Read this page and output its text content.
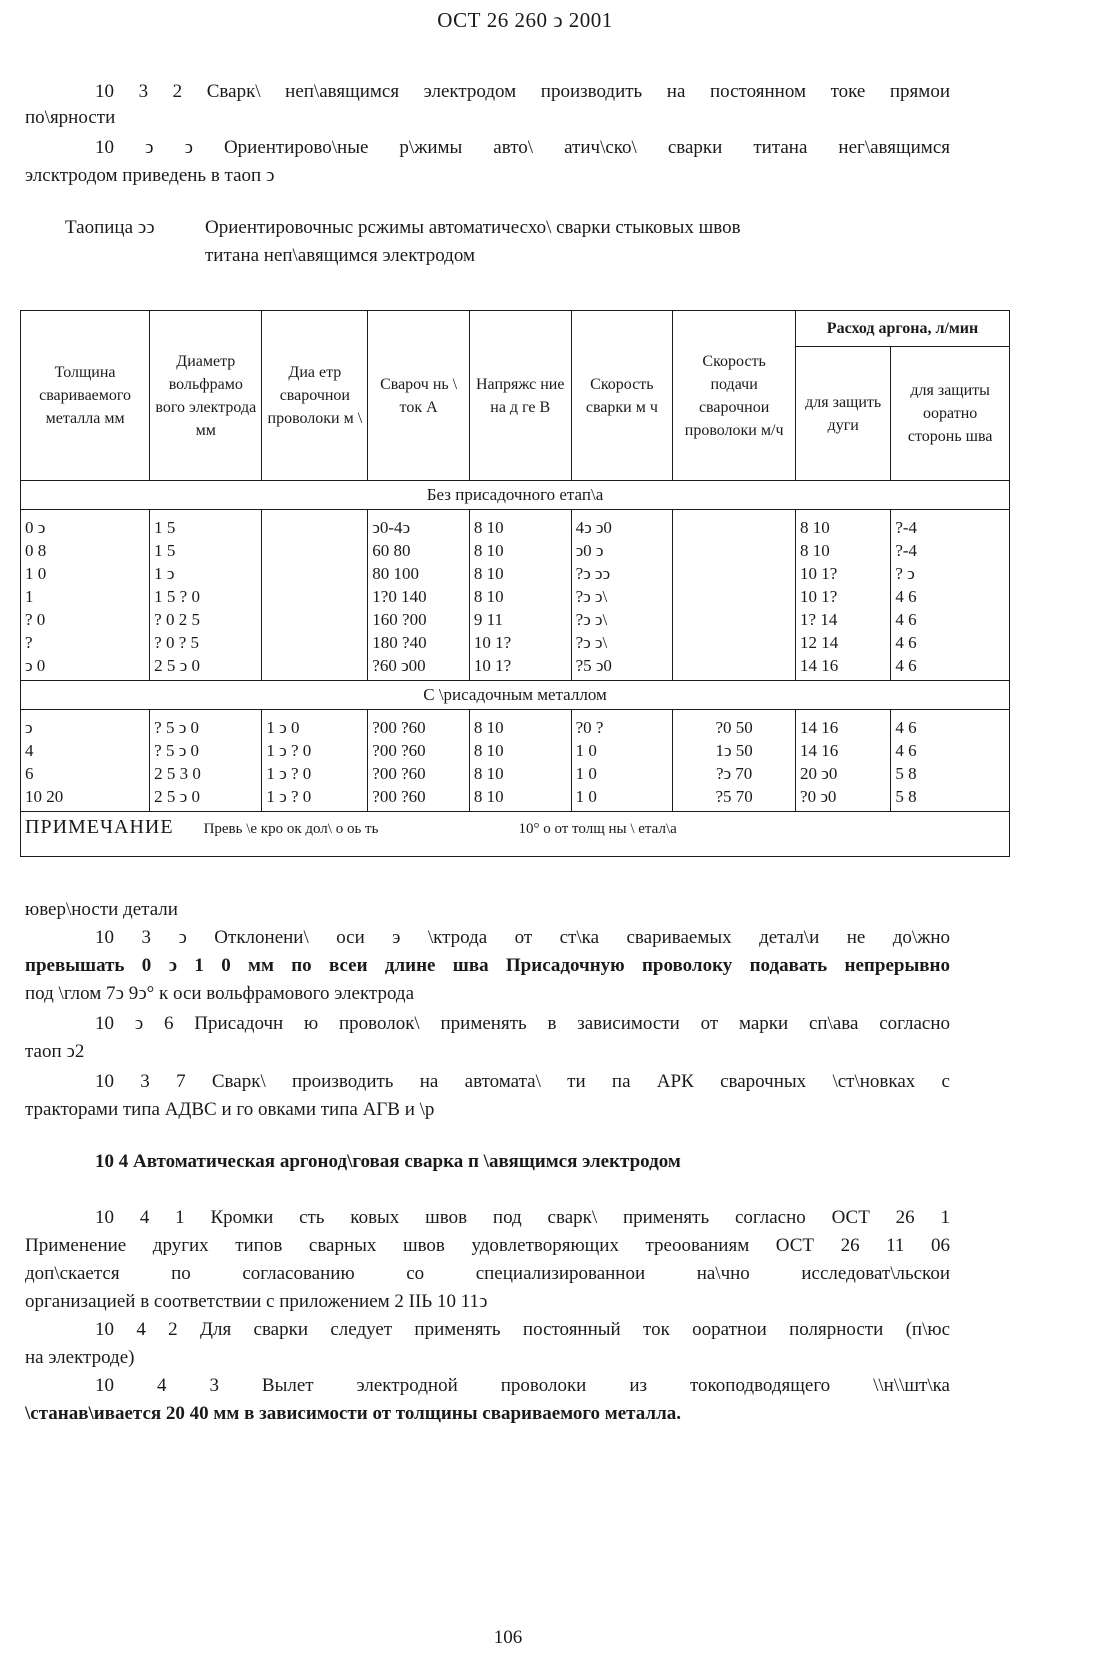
ОСТ 26 260 ͻ 2001
10 3 2 Сварк\ неп\авящимся электродом производить на постоянном токе прямои
по\ярности
10 ͻ ͻ Ориентирово\ные р\жимы авто\ атич\ско\ сварки титана нег\авящимся
элсктродом приведень в таоп ͻ
Таопица ͻͻ	Ориентировочныс рсжимы автоматичесхо\ сварки стыковых швов
титана неп\авящимся электродом
Толщина свариваемого металла мм	Диаметр вольфрамо вого электрода мм	Диа етр сварочнои проволоки м \	Свароч нь \ ток А	Напряжс ние на д ге В	Скорость сварки м ч	Скорость подачи сварочнои проволоки м/ч	Расход аргона, л/мин	
							для защить дуги	для защиты ооратно сторонь шва
Без присадочного етап\а								
0 ͻ	1 5		ͻ0-4ͻ	8 10	4ͻ ͻ0		8 10	?-4
0 8	1 5		60 80	8 10	ͻ0 ͻ		8 10	?-4
1 0	1 ͻ		80 100	8 10	?ͻ ͻͻ		10 1?	? ͻ
1	1 5 ? 0		1?0 140	8 10	?ͻ ͻ\		10 1?	4 6
? 0	? 0 2 5		160 ?00	9 11	?ͻ ͻ\		1? 14	4 6
?	? 0 ? 5		180 ?40	10 1?	?ͻ ͻ\		12 14	4 6
ͻ 0	2 5 ͻ 0		?60 ͻ00	10 1?	?5 ͻ0		14 16	4 6
С \рисадочным металлом								
ͻ	? 5 ͻ 0	1 ͻ 0	?00 ?60	8 10	?0 ?	?0 50	14 16	4 6
4	? 5 ͻ 0	1 ͻ ? 0	?00 ?60	8 10	1 0	1ͻ 50	14 16	4 6
6	2 5 3 0	1 ͻ ? 0	?00 ?60	8 10	1 0	?ͻ 70	20 ͻ0	5 8
10 20	2 5 ͻ 0	1 ͻ ? 0	?00 ?60	8 10	1 0	?5 70	?0 ͻ0	5 8
ПРИМЕЧАНИЕ Превь \е кро ок дол\ о оь ть 10° о от толщ ны \ етал\а								
ювер\ности детали
10 3 ͻ Отклонени\ оси э \ктрода от ст\ка свариваемых детал\и не до\жно
превышать 0 ͻ 1 0 мм по всеи длине шва Присадочную проволоку подавать непрерывно
под \глом 7ͻ 9ͻ° к оси вольфрамового электрода
10 ͻ 6 Присадочн ю проволок\ применять в зависимости от марки сп\ава согласно
таоп ͻ2
10 3 7 Сварк\ производить на автомата\ ти па АРК сварочных \ст\новках с
тракторами типа АДВС и го овками типа АГВ и \р
10 4 Автоматическая аргонод\говая сварка п \авящимся электродом
10 4 1 Кромки сть ковых швов под сварк\ применять согласно ОСТ 26 1
Применение других типов сварных швов удовлетворяющих треоованиям ОСТ 26 11 06
доп\скается по согласованию со специализированнои на\чно исследоват\льскои
организацией в соответствии с приложением 2 IIЬ 10 11ͻ
10 4 2 Для сварки следует применять постоянный ток ооратнои полярности (п\юс
на электроде)
10 4 3 Вылет электродной проволоки из токоподводящего \\н\\шт\ка
\станав\ивается 20 40 мм в зависимости от толщины свариваемого металла.
106
